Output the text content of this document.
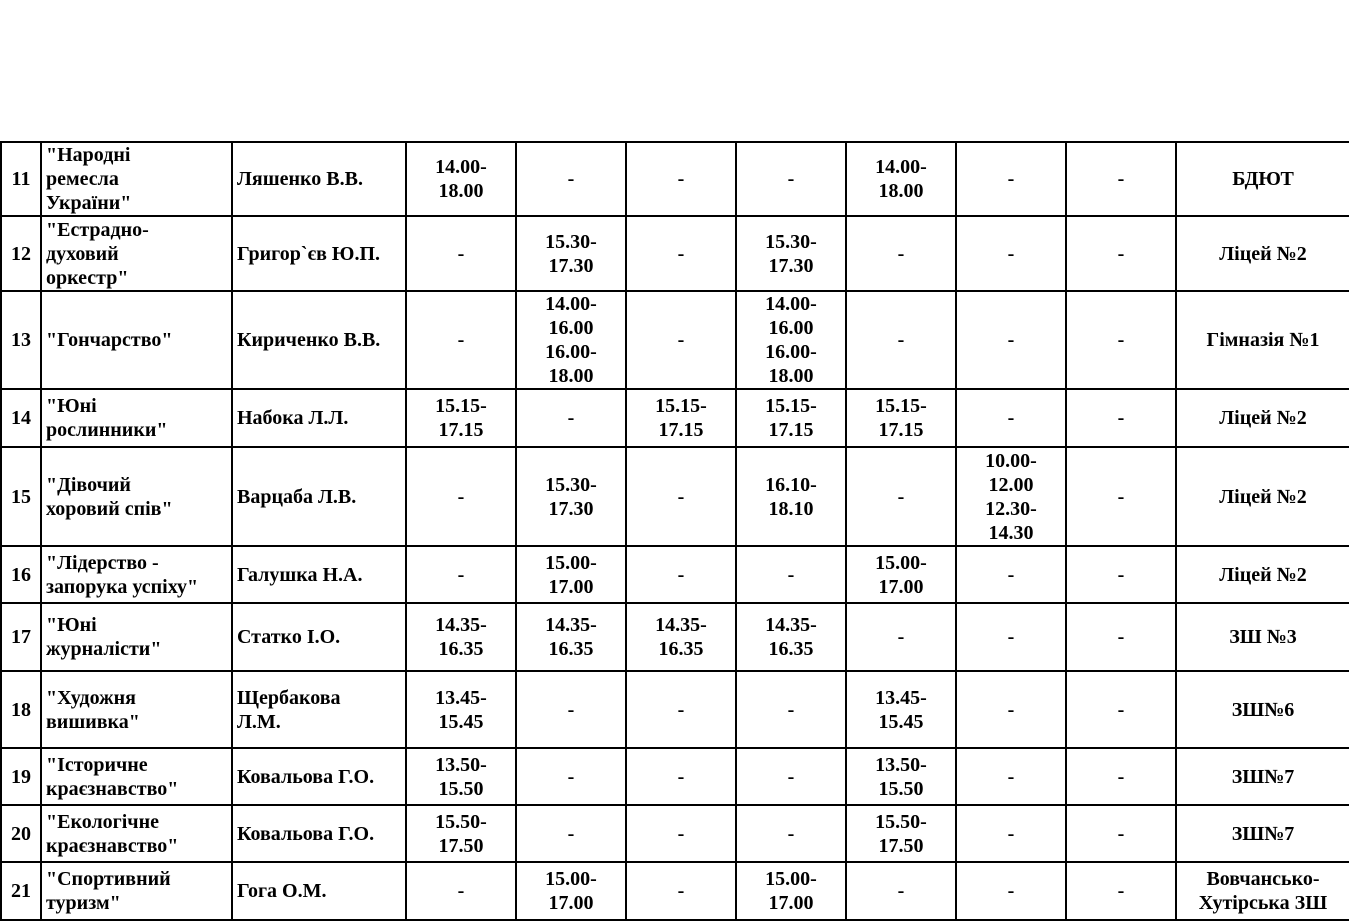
11	"Народні
ремесла
України"	Ляшенко В.В.	14.00-
18.00	-	-	-	14.00-
18.00	-	-	БДЮТ
12	"Естрадно-
духовий
оркестр"	Григор`єв Ю.П.	-	15.30-
17.30	-	15.30-
17.30	-	-	-	Ліцей №2
13	"Гончарство"	Кириченко В.В.	-	14.00-
16.00
16.00-
18.00	-	14.00-
16.00
16.00-
18.00	-	-	-	Гімназія №1
14	"Юні
рослинники"	Набока Л.Л.	15.15-
17.15	-	15.15-
17.15	15.15-
17.15	15.15-
17.15	-	-	Ліцей №2
15	"Дівочий
хоровий спів"	Варцаба Л.В.	-	15.30-
17.30	-	16.10-
18.10	-	10.00-
12.00
12.30-
14.30	-	Ліцей №2
16	"Лідерство -
запорука успіху"	Галушка Н.А.	-	15.00-
17.00	-	-	15.00-
17.00	-	-	Ліцей №2
17	"Юні
журналісти"	Статко І.О.	14.35-
16.35	14.35-
16.35	14.35-
16.35	14.35-
16.35	-	-	-	ЗШ №3
18	"Художня
вишивка"	Щербакова
Л.М.	13.45-
15.45	-	-	-	13.45-
15.45	-	-	ЗШ№6
19	"Історичне
краєзнавство"	Ковальова Г.О.	13.50-
15.50	-	-	-	13.50-
15.50	-	-	ЗШ№7
20	"Екологічне
краєзнавство"	Ковальова Г.О.	15.50-
17.50	-	-	-	15.50-
17.50	-	-	ЗШ№7
21	"Спортивний
туризм"	Гога О.М.	-	15.00-
17.00	-	15.00-
17.00	-	-	-	Вовчансько-
Хутірська ЗШ
